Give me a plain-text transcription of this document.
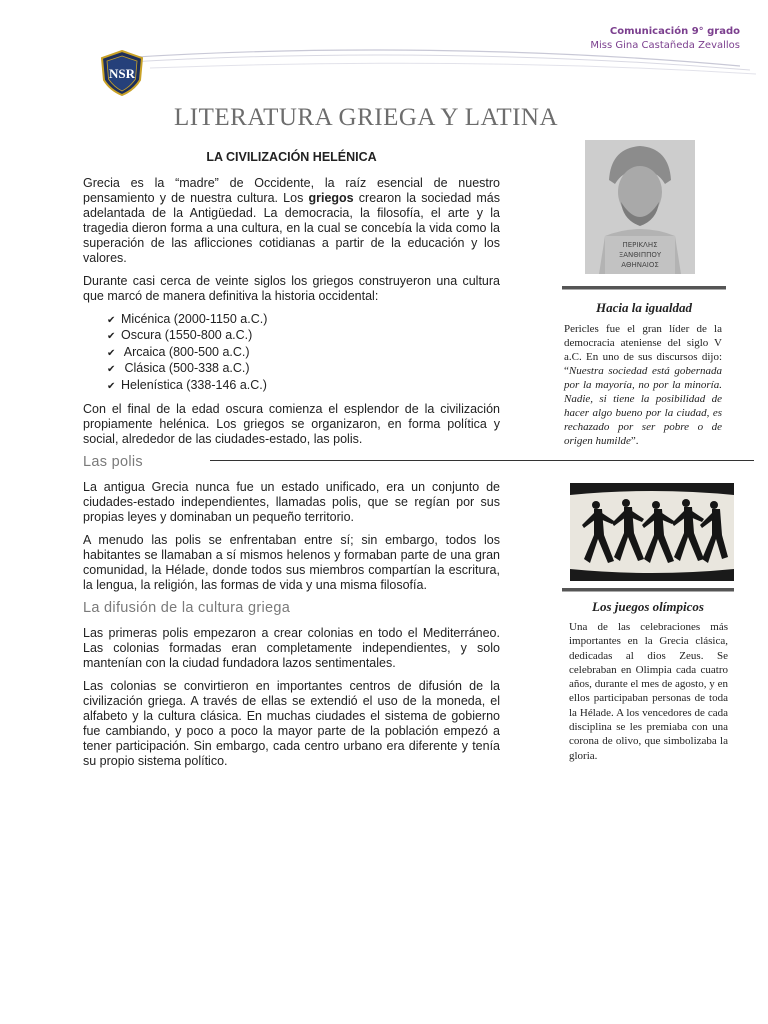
Comunicación 9° grado
Miss Gina Castañeda Zevallos
NSR
LITERATURA GRIEGA Y LATINA
LA CIVILIZACIÓN HELÉNICA

Grecia es la “madre” de Occidente, la raíz esencial de nuestro pensamiento y de nuestra cultura. Los griegos crearon la sociedad más adelantada de la Antigüedad. La democracia, la filosofía, el arte y la tragedia dieron forma a una cultura, en la cual se concebía la vida como la superación de las aflicciones cotidianas a partir de la educación y los valores.

Durante casi cerca de veinte siglos los griegos construyeron una cultura que marcó de manera definitiva la historia occidental:

✔ Micénica (2000-1150 a.C.)
✔ Oscura (1550-800 a.C.)
✔ Arcaica (800-500 a.C.)
✔ Clásica (500-338 a.C.)
✔ Helenística (338-146 a.C.)

Con el final de la edad oscura comienza el esplendor de la civilización propiamente helénica. Los griegos se organizaron, en forma política y social, alrededor de las ciudades-estado, las polis.

Las polis

La antigua Grecia nunca fue un estado unificado, era un conjunto de ciudades-estado independientes, llamadas polis, que se regían por sus propias leyes y dominaban un pequeño territorio.

A menudo las polis se enfrentaban entre sí; sin embargo, todos los habitantes se llamaban a sí mismos helenos y formaban parte de una gran comunidad, la Hélade, donde todos sus miembros compartían la escritura, la lengua, la religión, las formas de vida y una misma filosofía.

La difusión de la cultura griega

Las primeras polis empezaron a crear colonias en todo el Mediterráneo. Las colonias formadas eran completamente independientes, y solo mantenían con la ciudad fundadora lazos sentimentales.

Las colonias se convirtieron en importantes centros de difusión de la civilización griega. A través de ellas se extendió el uso de la moneda, el alfabeto y la cultura clásica. En muchas ciudades el sistema de gobierno fue cambiando, y poco a poco la mayor parte de la población empezó a tener participación. Sin embargo, cada centro urbano era diferente y tenía su propio sistema político.

ΠΕΡΙΚΛΗΣ
ΞΑΝΘΙΠΠΟΥ
ΑΘΗΝΑΙΟΣ
Hacia la igualdad
Pericles fue el gran líder de la democracia ateniense del siglo V a.C. En uno de sus discursos dijo: “Nuestra sociedad está gobernada por la mayoría, no por la minoría. Nadie, si tiene la posibilidad de hacer algo bueno por la ciudad, es rechazado por ser pobre o de origen humilde”.
Los juegos olímpicos
Una de las celebraciones más importantes en la Grecia clásica, dedicadas al dios Zeus. Se celebraban en Olimpia cada cuatro años, durante el mes de agosto, y en ellos participaban personas de toda la Hélade. A los vencedores de cada disciplina se les premiaba con una corona de olivo, que simbolizaba la gloria.
